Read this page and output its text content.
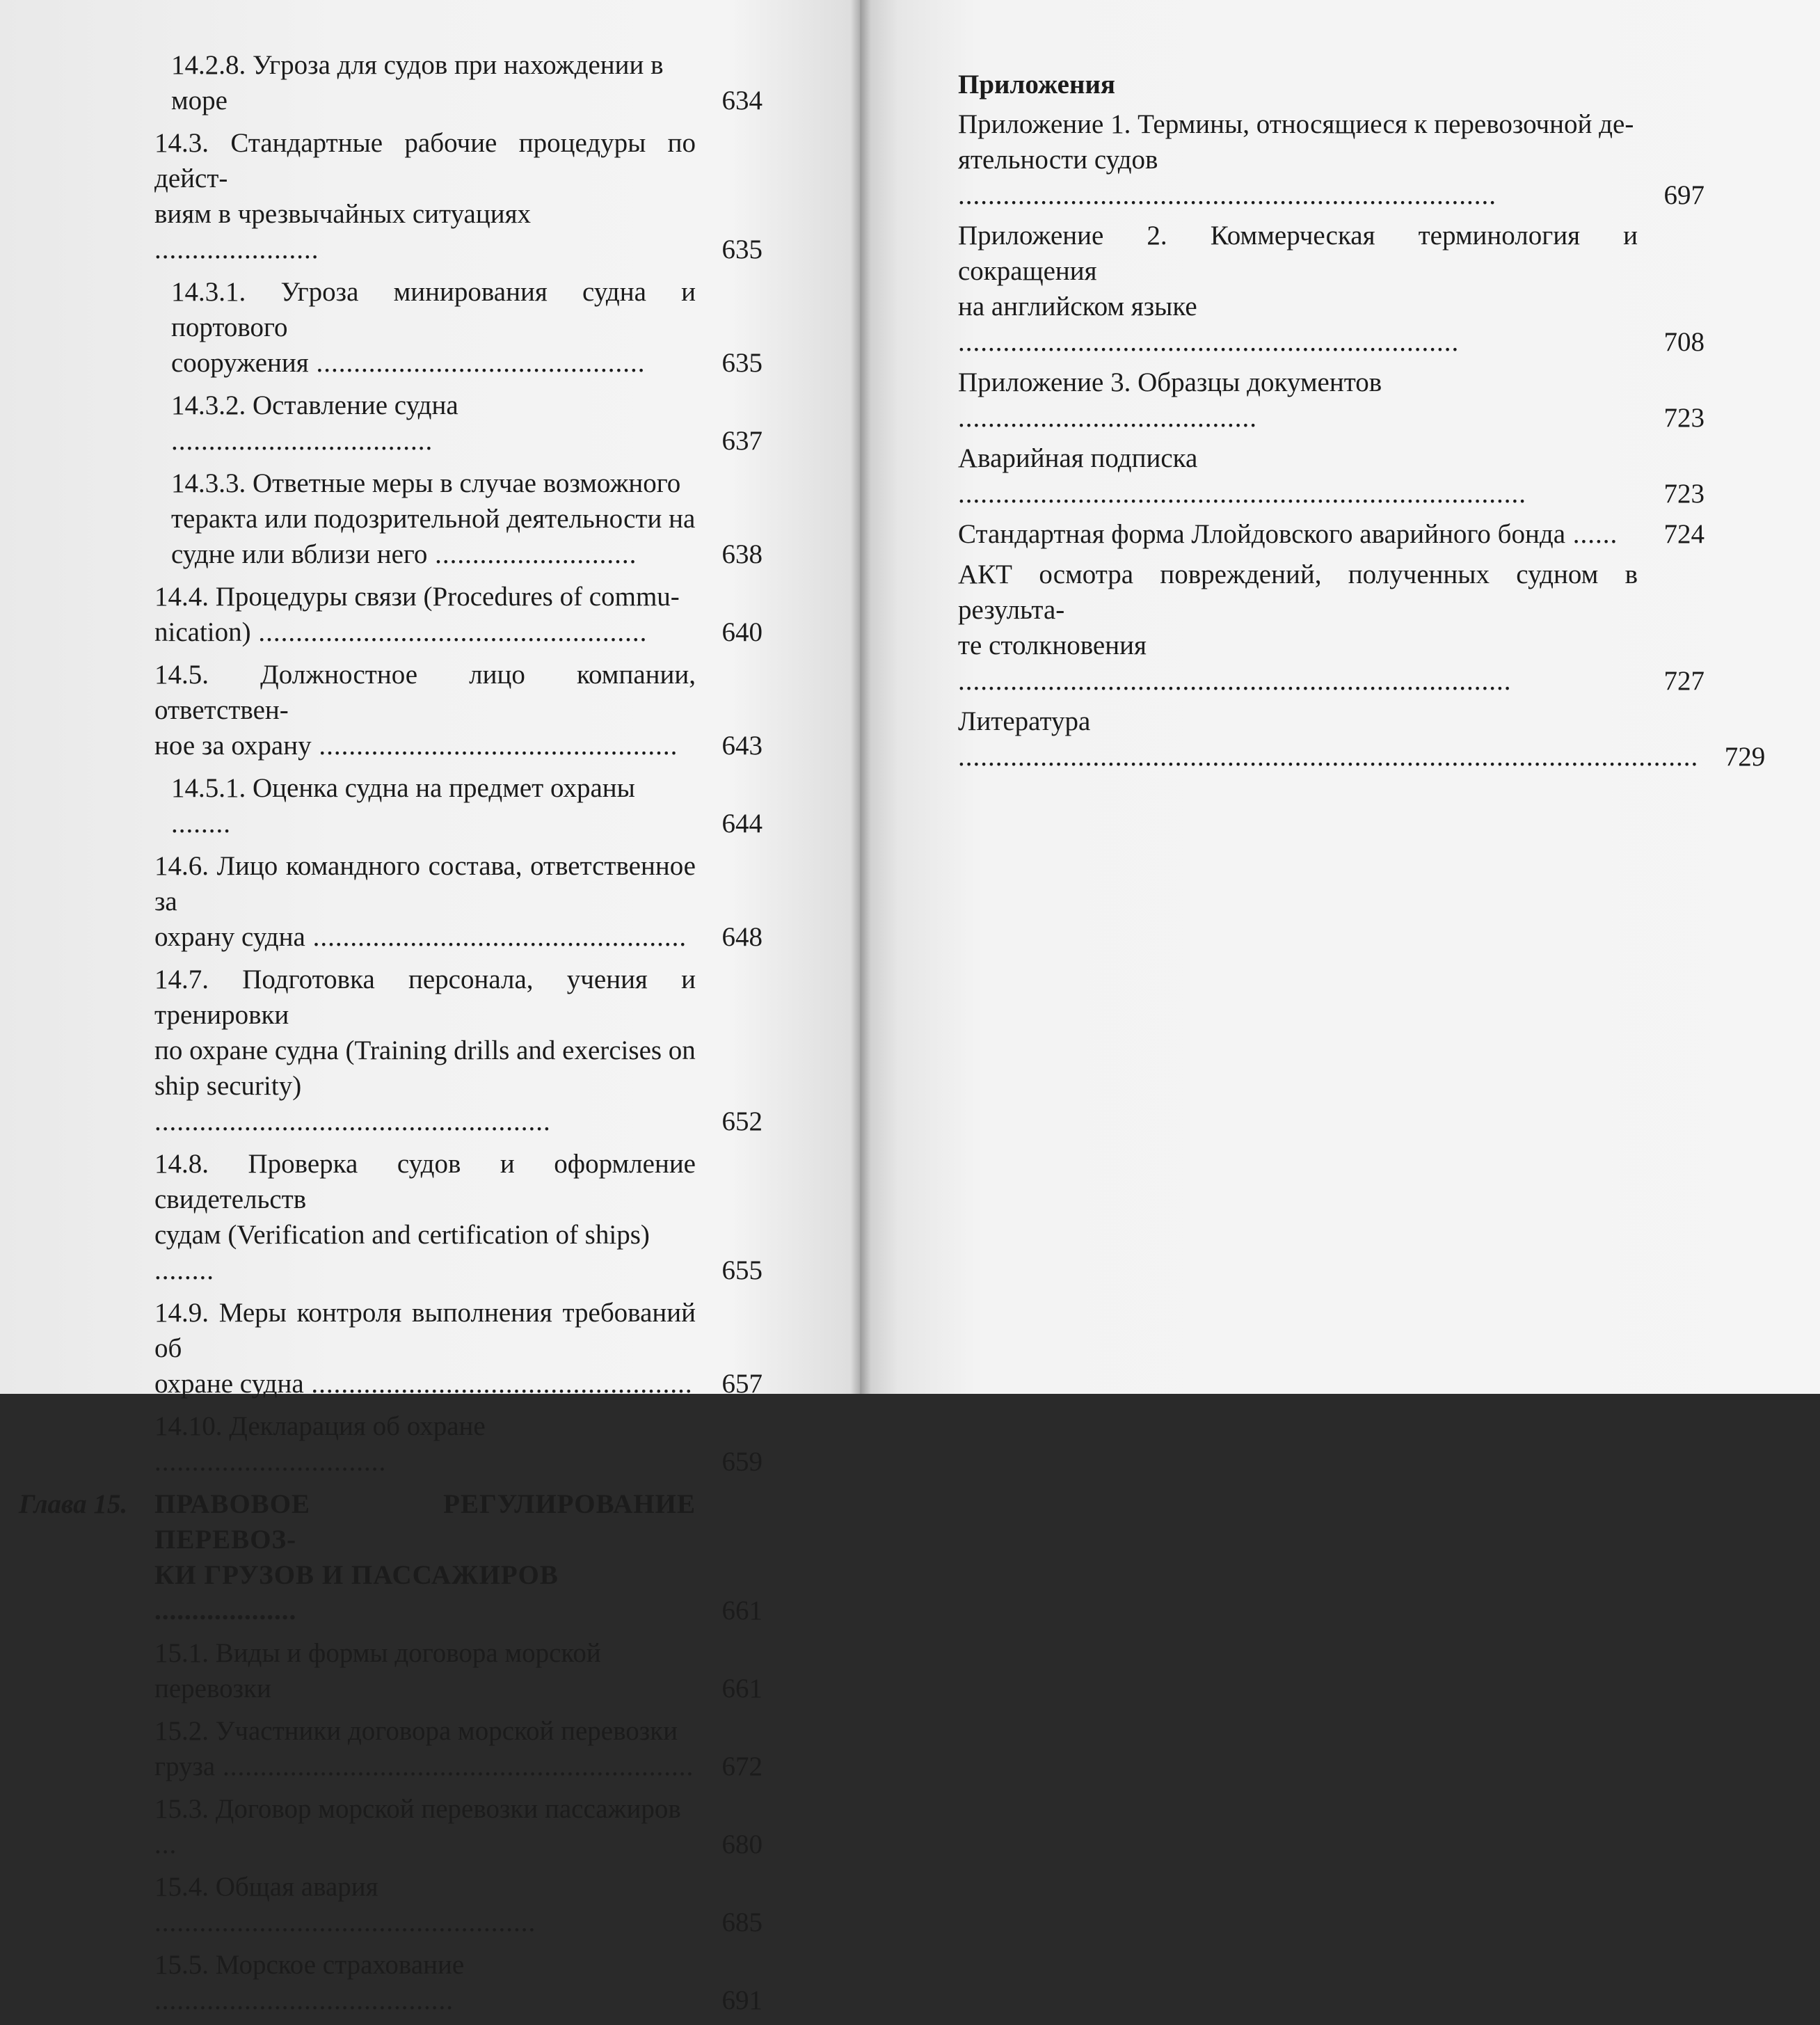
14.2.8. Угроза для судов при нахождении в море	634
14.3. Стандартные рабочие процедуры по дейст-
виям в чрезвычайных ситуациях ......................	635
14.3.1. Угроза минирования судна и портового
сооружения ............................................	635
14.3.2. Оставление судна ...................................	637
14.3.3. Ответные меры в случае возможного
теракта или подозрительной деятельности на
судне или вблизи него ...........................	638
14.4. Процедуры связи (Procedures of commu-
nication) ....................................................	640
14.5. Должностное лицо компании, ответствен-
ное за охрану ................................................	643
14.5.1. Оценка судна на предмет охраны ........	644
14.6. Лицо командного состава, ответственное за
охрану судна ..................................................	648
14.7. Подготовка персонала, учения и тренировки
по охране судна (Training drills and exercises on
ship security) .....................................................	652
14.8. Проверка судов и оформление свидетельств
судам (Verification and certification of ships) ........	655
14.9. Меры контроля выполнения требований об
охране судна ...................................................	657
14.10. Декларация об охране ...............................	659
Глава 15. ПРАВОВОЕ РЕГУЛИРОВАНИЕ ПЕРЕВОЗ-
КИ ГРУЗОВ И ПАССАЖИРОВ ...................	661
15.1. Виды и формы договора морской перевозки	661
15.2. Участники договора морской перевозки
груза ...............................................................	672
15.3. Договор морской перевозки пассажиров ...	680
15.4. Общая авария ...................................................	685
15.5. Морское страхование ........................................	691
Приложения
Приложение 1. Термины, относящиеся к перевозочной де-
ятельности судов ........................................................................	697
Приложение 2. Коммерческая терминология и сокращения
на английском языке ...................................................................	708
Приложение 3. Образцы документов ........................................	723
Аварийная подписка ............................................................................	723
Стандартная форма Ллойдовского аварийного бонда ......	724
АКТ осмотра повреждений, полученных судном в результа-
те столкновения ..........................................................................	727
Литература ................................................................................................... 729
